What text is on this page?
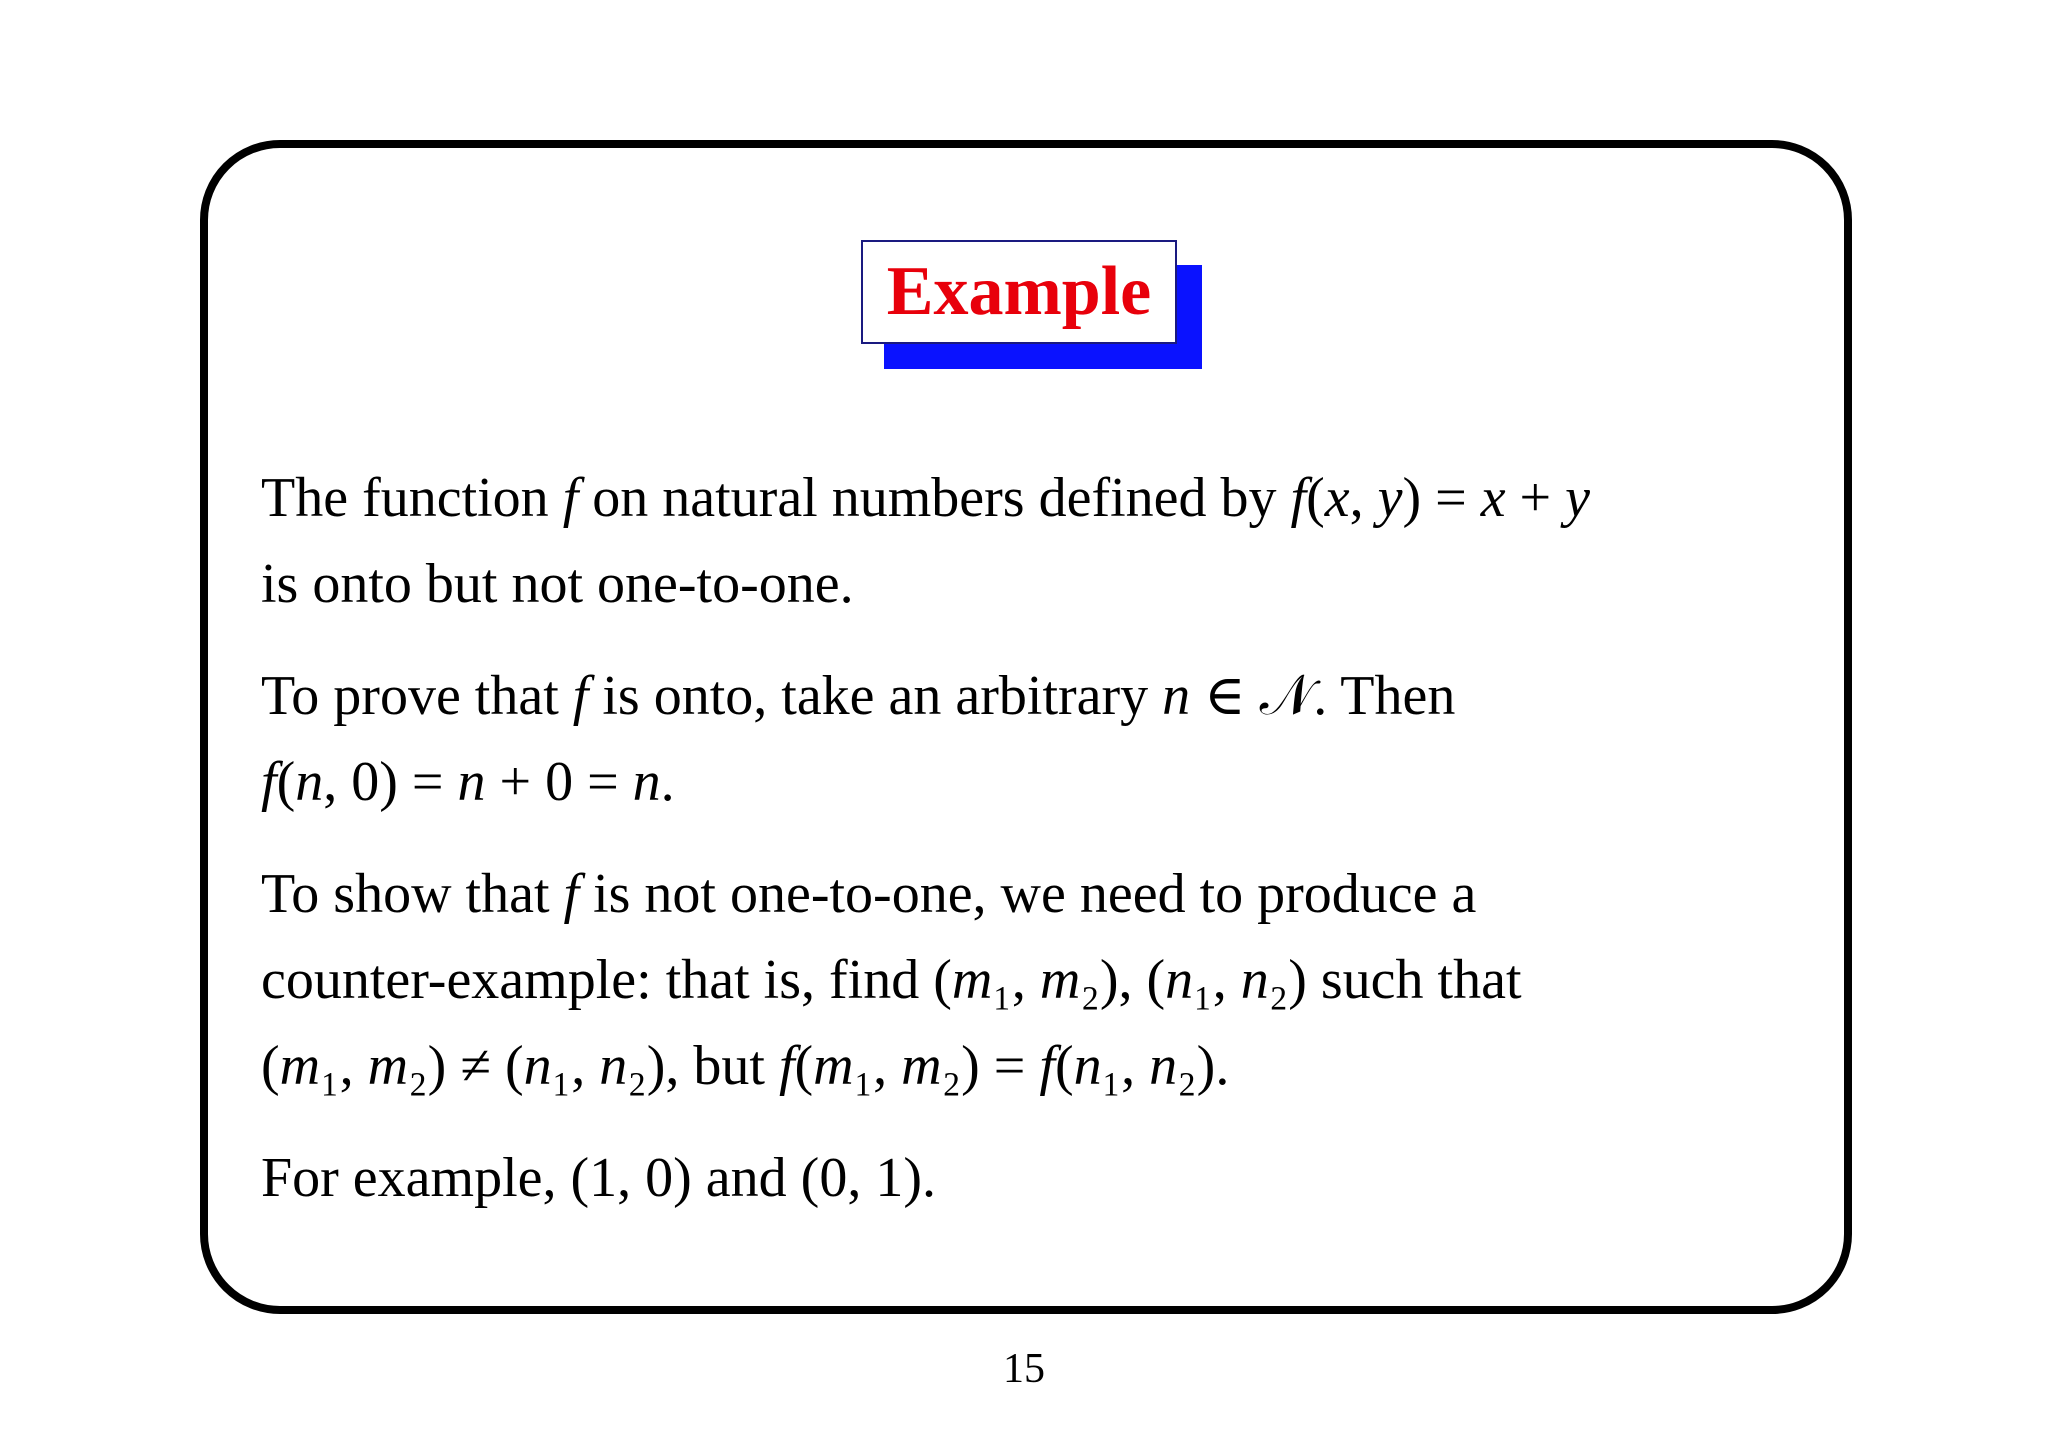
Example

The function f on natural numbers defined by f(x, y) = x + y
is onto but not one-to-one.

To prove that f is onto, take an arbitrary n ∈ 𝒩. Then
f(n, 0) = n + 0 = n.

To show that f is not one-to-one, we need to produce a
counter-example: that is, find (m₁, m₂), (n₁, n₂) such that
(m₁, m₂) ≠ (n₁, n₂), but f(m₁, m₂) = f(n₁, n₂).

For example, (1, 0) and (0, 1).

15
